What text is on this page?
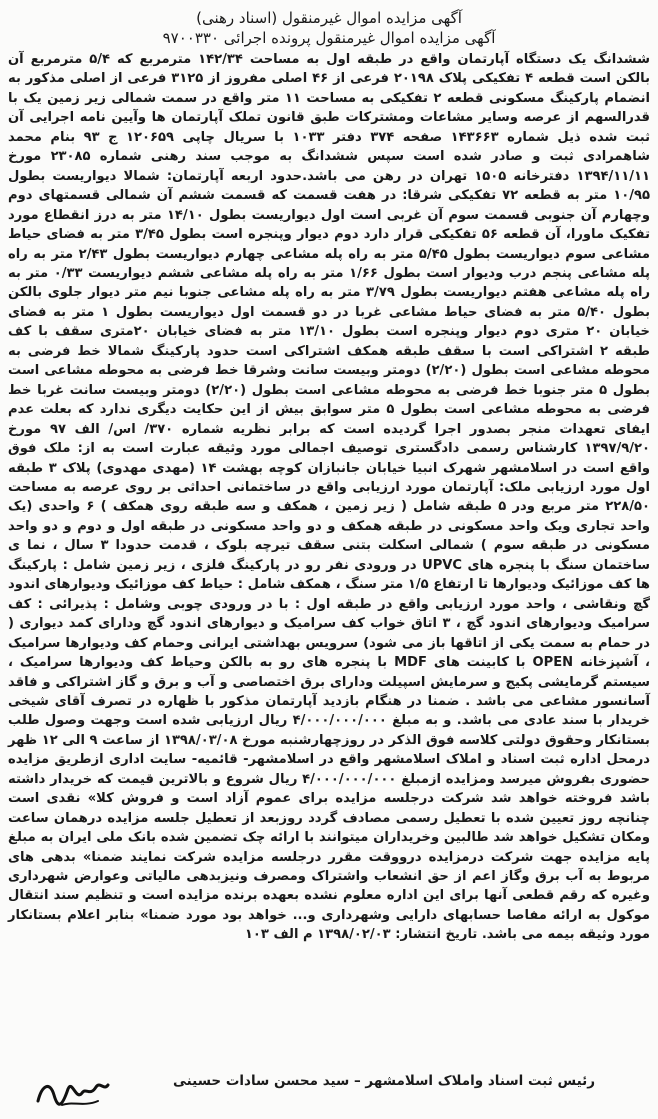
آگهی مزایده اموال غیرمنقول (اسناد رهنی)
آگهی مزایده اموال غیرمنقول پرونده اجرائی ۹۷۰۰۳۳۰
ششدانگ یک دستگاه آپارتمان واقع در طبقه اول به مساحت ۱۴۲/۳۴ مترمربع که ۵/۴ مترمربع آن بالکن است قطعه ۴ تفکیکی پلاک ۲۰۱۹۸ فرعی از ۴۶ اصلی مفروز از ۳۱۲۵ فرعی از اصلی مذکور به انضمام پارکینگ مسکونی قطعه ۲ تفکیکی به مساحت ۱۱ متر واقع در سمت شمالی زیر زمین یک با قدرالسهم از عرصه وسایر مشاعات ومشترکات طبق قانون تملک آپارتمان ها وآیین نامه اجرایی آن ثبت شده ذیل شماره ۱۴۳۶۶۳ صفحه ۳۷۴ دفتر ۱۰۳۳ با سریال چاپی ۱۲۰۶۵۹ ج ۹۳ بنام محمد شاهمرادی ثبت و صادر شده است سپس ششدانگ به موجب سند رهنی شماره ۲۳۰۸۵ مورخ ۱۳۹۴/۱۱/۱۱ دفترخانه ۱۵۰۵ تهران در رهن می باشد.حدود اربعه آپارتمان: شمالا دیواریست بطول ۱۰/۹۵ متر به قطعه ۷۲ تفکیکی شرقا: در هفت قسمت که قسمت ششم آن شمالی قسمتهای دوم وچهارم آن جنوبی قسمت سوم آن غربی است اول دیواریست بطول ۱۴/۱۰ متر به درز انقطاع مورد تفکیک ماورا، آن قطعه ۵۶ تفکیکی قرار دارد دوم دیوار وپنجره است بطول ۳/۴۵ متر به فضای حیاط مشاعی سوم دیواریست بطول ۵/۴۵ متر به راه پله مشاعی چهارم دیواریست بطول ۲/۴۳ متر به راه پله مشاعی پنجم درب ودیوار است بطول ۱/۶۶ متر به راه پله مشاعی ششم دیواریست ۰/۳۳ متر به راه پله مشاعی هفتم دیواریست بطول ۳/۷۹ متر به راه پله مشاعی جنوبا نیم متر دیوار جلوی بالکن بطول ۵/۴۰ متر به فضای حیاط مشاعی غربا در دو قسمت اول دیواریست بطول ۱ متر به فضای خیابان ۲۰ متری دوم دیوار وپنجره است بطول ۱۳/۱۰ متر به فضای خیابان ۲۰متری سقف با کف طبقه ۲ اشتراکی است با سقف طبقه همکف اشتراکی است حدود پارکینگ شمالا خط فرضی به محوطه مشاعی است بطول (۲/۲۰) دومتر وبیست سانت وشرقا خط فرضی به محوطه مشاعی است بطول ۵ متر جنوبا خط فرضی به محوطه مشاعی است بطول (۲/۲۰) دومتر وبیست سانت غربا خط فرضی به محوطه مشاعی است بطول ۵ متر سوابق بیش از این حکایت دیگری ندارد که بعلت عدم ایفای تعهدات منجر بصدور اجرا گردیده است که برابر نظریه شماره ۳۷۰/ اس/ الف ۹۷ مورخ ۱۳۹۷/۹/۲۰ کارشناس رسمی دادگستری توصیف اجمالی مورد وثیقه عبارت است به از: ملک فوق واقع است در اسلامشهر شهرک انبیا خیابان جانبازان کوچه بهشت ۱۴ (مهدی مهدوی) پلاک ۳ طبقه اول مورد ارزیابی ملک: آپارتمان مورد ارزیابی واقع در ساختمانی احداثی بر روی عرصه به مساحت ۲۲۸/۵۰ متر مربع ودر ۵ طبقه شامل ( زیر زمین ، همکف و سه طبقه روی همکف ) ۶ واحدی (یک واحد تجاری ویک واحد مسکونی در طبقه همکف و دو واحد مسکونی در طبقه اول و دوم و دو واحد مسکونی در طبقه سوم ) شمالی اسکلت بتنی سقف تیرچه بلوک ، قدمت حدودا ۳ سال ، نما ی ساختمان سنگ با پنجره های UPVC در ورودی نفر رو در پارکینگ فلزی ، زیر زمین شامل : پارکینگ ها کف موزائیک ودیوارها تا ارتفاع ۱/۵ متر سنگ ، همکف شامل : حیاط کف موزائیک ودیوارهای اندود گچ ونقاشی ، واحد مورد ارزیابی واقع در طبقه اول : با در ورودی چوبی وشامل : پذیرائی : کف سرامیک ودیوارهای اندود گچ ، ۳ اتاق خواب کف سرامیک و دیوارهای اندود گچ ودارای کمد دیواری ( در حمام به سمت یکی از اتاقها باز می شود) سرویس بهداشتی ایرانی وحمام کف ودیوارها سرامیک ، آشپزخانه OPEN با کابینت های MDF با پنجره های رو به بالکن وحیاط کف ودیوارها سرامیک ، سیستم گرمایشی پکیج و سرمایش اسپیلت ودارای برق اختصاصی و آب و برق و گاز اشتراکی و فاقد آسانسور مشاعی می باشد . ضمنا در هنگام بازدید آپارتمان مذکور با ظهاره در تصرف آقای شیخی خریدار با سند عادی می باشد. و به مبلغ ۴/۰۰۰/۰۰۰/۰۰۰ ریال ارزیابی شده است وجهت وصول طلب بستانکار وحقوق دولتی کلاسه فوق الذکر در روزچهارشنبه مورخ ۱۳۹۸/۰۳/۰۸ از ساعت ۹ الی ۱۲ ظهر درمحل اداره ثبت اسناد و املاک اسلامشهر واقع در اسلامشهر- قائمیه- سایت اداری ازطریق مزایده حضوری بفروش میرسد ومزایده ازمبلغ ۴/۰۰۰/۰۰۰/۰۰۰ ریال شروع و بالاترین قیمت که خریدار داشته باشد فروخته خواهد شد شرکت درجلسه مزایده برای عموم آزاد است و فروش کلا» نقدی است چنانچه روز تعیین شده با تعطیل رسمی مصادف گردد روزبعد از تعطیل جلسه مزایده درهمان ساعت ومکان تشکیل خواهد شد طالبین وخریداران میتوانند با ارائه چک تضمین شده بانک ملی ایران به مبلغ پایه مزایده جهت شرکت درمزایده درووقت مقرر درجلسه مزایده شرکت نمایند ضمنا» بدهی های مربوط به آب برق وگاز اعم از حق انشعاب واشتراک ومصرف ونیزبدهی مالیاتی وعوارض شهرداری وغیره که رقم قطعی آنها برای این اداره معلوم نشده بعهده برنده مزایده است و تنظیم سند انتقال موکول به ارائه مفاصا حسابهای دارایی وشهرداری و... خواهد بود مورد ضمنا» بنابر اعلام بستانکار مورد وثیقه بیمه می باشد. تاریخ انتشار: ۱۳۹۸/۰۲/۰۳ م الف ۱۰۳
رئیس ثبت اسناد واملاک اسلامشهر – سید محسن سادات حسینی
